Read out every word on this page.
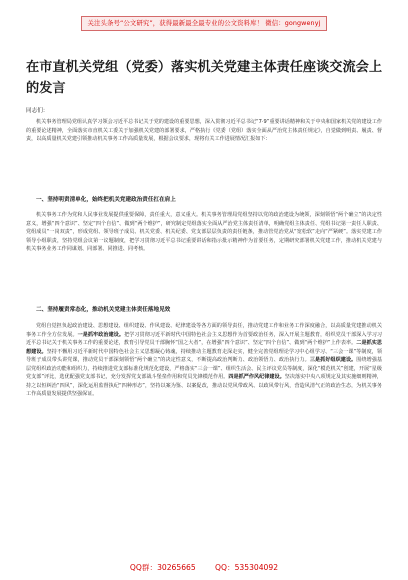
关注头条号“公文研究”，获得最新最全最专业的公文资料库！ 微信：gongwenyj
在市直机关党组（党委）落实机关党建主体责任座谈交流会上的发言

同志们：

机关事务管理局党组认真学习领会习近平总书记关于党的建设的重要思想，深入贯彻习近平总书记“7·9”重要讲话精神和关于中央和国家机关党的建设工作的重要论述精神，全面落实市直机关工委关于加强机关党建的部署要求，严格执行《党委（党组）落实全面从严治党主体责任规定》，自觉做到明责、履责、督责，以高质量机关党建引领推动机关事务工作高质量发展，根据会议要求，现将有关工作进展情况汇报如下：

一、坚持明责清单化，始终把机关党建政治责任扛在肩上

机关事务工作为党和人民事业发展提供重要保障，责任重大，意义重大。机关事务管理局党组坚持以党的政治建设为统领，深刻领悟“两个确立”的决定性意义，增强“四个意识”、坚定“四个自信”、做到“两个维护”，研究制定党组落实全面从严治党主体责任清单，明确党组主体责任、党组书记第一责任人职责、党组成员“一岗双责”，形成党组、领导班子成员、机关党委、机关纪委、党支部层层负责的责任链条，推动管党治党从“宽松软”走向“严紧硬”。落实党建工作领导小组职责，坚持党组会议第一议题制度，把学习贯彻习近平总书记重要讲话和指示批示精神作为首要任务，定期研究部署机关党建工作，推动机关党建与机关事务业务工作同谋划、同部署、同推进、同考核。

二、坚持履责常态化，推动机关党建主体责任落地见效

党组自觉担负起政治建设、思想建设、组织建设、作风建设、纪律建设等各方面的领导责任，推动党建工作和业务工作深度融合，以高质量党建推动机关事务工作全方位发展。一是抓牢政治建设。把学习贯彻习近平新时代中国特色社会主义思想作为首要政治任务，深入开展主题教育，组织党员干部深入学习习近平总书记关于机关事务工作的重要论述，教育引导党员干部胸怀“国之大者”，在增强“四个意识”、坚定“四个自信”、做到“两个维护”上作表率。二是抓实思想建设。坚持不懈用习近平新时代中国特色社会主义思想凝心铸魂，持续推动主题教育走深走实，健全完善党组理论学习中心组学习、“三会一课”等制度，领导班子成员带头讲党课，推动党员干部深刻领悟“两个确立”的决定性意义，不断提高政治判断力、政治领悟力、政治执行力。三是抓好组织建设。围绕增强基层党组织政治功能和组织力，持续推进党支部标准化规范化建设，严格落实“三会一课”、组织生活会、民主评议党员等制度，深化“模范机关”创建，开展“星级党支部”评比，选优配强党支部书记，充分发挥党支部战斗堡垒作用和党员先锋模范作用。四是抓严作风纪律建设。坚决落实中央八项规定及其实施细则精神，持之以恒纠治“四风”，深化运用监督执纪“四种形态”，坚持以案为鉴、以案促改，推动以党风带政风、以政风带行风，营造风清气正的政治生态，为机关事务工作高质量发展提供坚强保证。

QQ群：30265665        QQ：535304092
